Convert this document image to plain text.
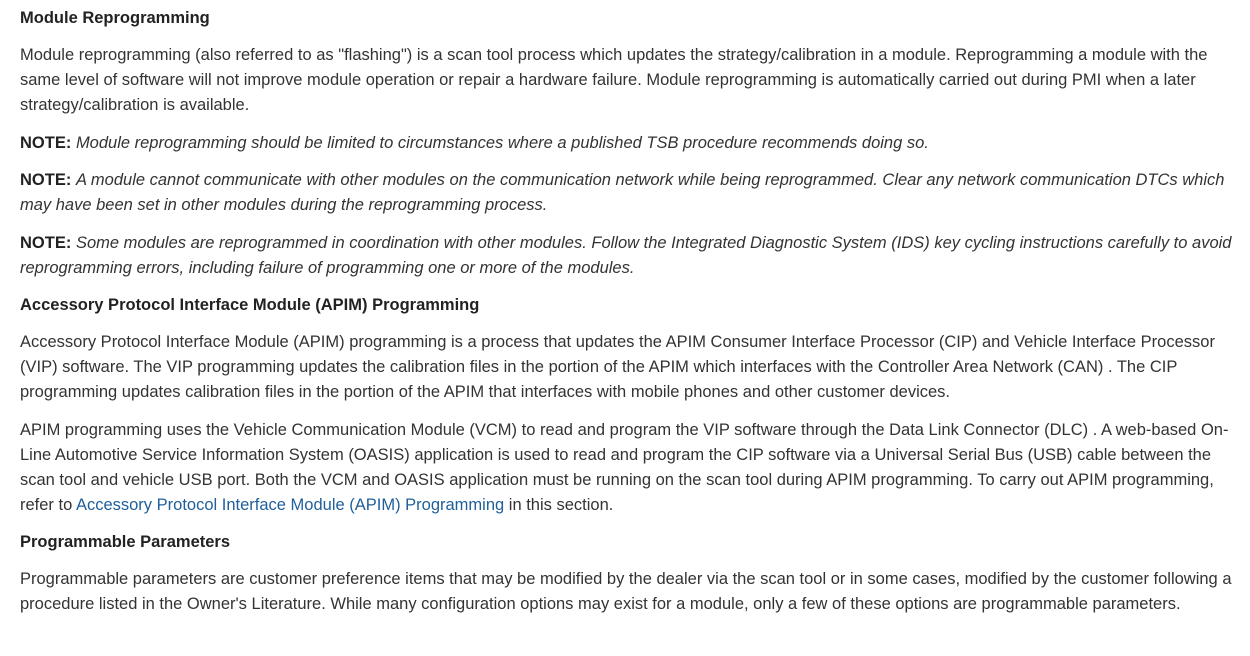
Module Reprogramming

Module reprogramming (also referred to as "flashing") is a scan tool process which updates the strategy/calibration in a module. Reprogramming a module with the same level of software will not improve module operation or repair a hardware failure. Module reprogramming is automatically carried out during PMI when a later strategy/calibration is available.

NOTE: Module reprogramming should be limited to circumstances where a published TSB procedure recommends doing so.

NOTE: A module cannot communicate with other modules on the communication network while being reprogrammed. Clear any network communication DTCs which may have been set in other modules during the reprogramming process.

NOTE: Some modules are reprogrammed in coordination with other modules. Follow the Integrated Diagnostic System (IDS) key cycling instructions carefully to avoid reprogramming errors, including failure of programming one or more of the modules.

Accessory Protocol Interface Module (APIM) Programming

Accessory Protocol Interface Module (APIM) programming is a process that updates the APIM Consumer Interface Processor (CIP) and Vehicle Interface Processor (VIP) software. The VIP programming updates the calibration files in the portion of the APIM which interfaces with the Controller Area Network (CAN) . The CIP programming updates calibration files in the portion of the APIM that interfaces with mobile phones and other customer devices.

APIM programming uses the Vehicle Communication Module (VCM) to read and program the VIP software through the Data Link Connector (DLC) . A web-based On-Line Automotive Service Information System (OASIS) application is used to read and program the CIP software via a Universal Serial Bus (USB) cable between the scan tool and vehicle USB port. Both the VCM and OASIS application must be running on the scan tool during APIM programming. To carry out APIM programming, refer to Accessory Protocol Interface Module (APIM) Programming in this section.

Programmable Parameters

Programmable parameters are customer preference items that may be modified by the dealer via the scan tool or in some cases, modified by the customer following a procedure listed in the Owner's Literature. While many configuration options may exist for a module, only a few of these options are programmable parameters.
